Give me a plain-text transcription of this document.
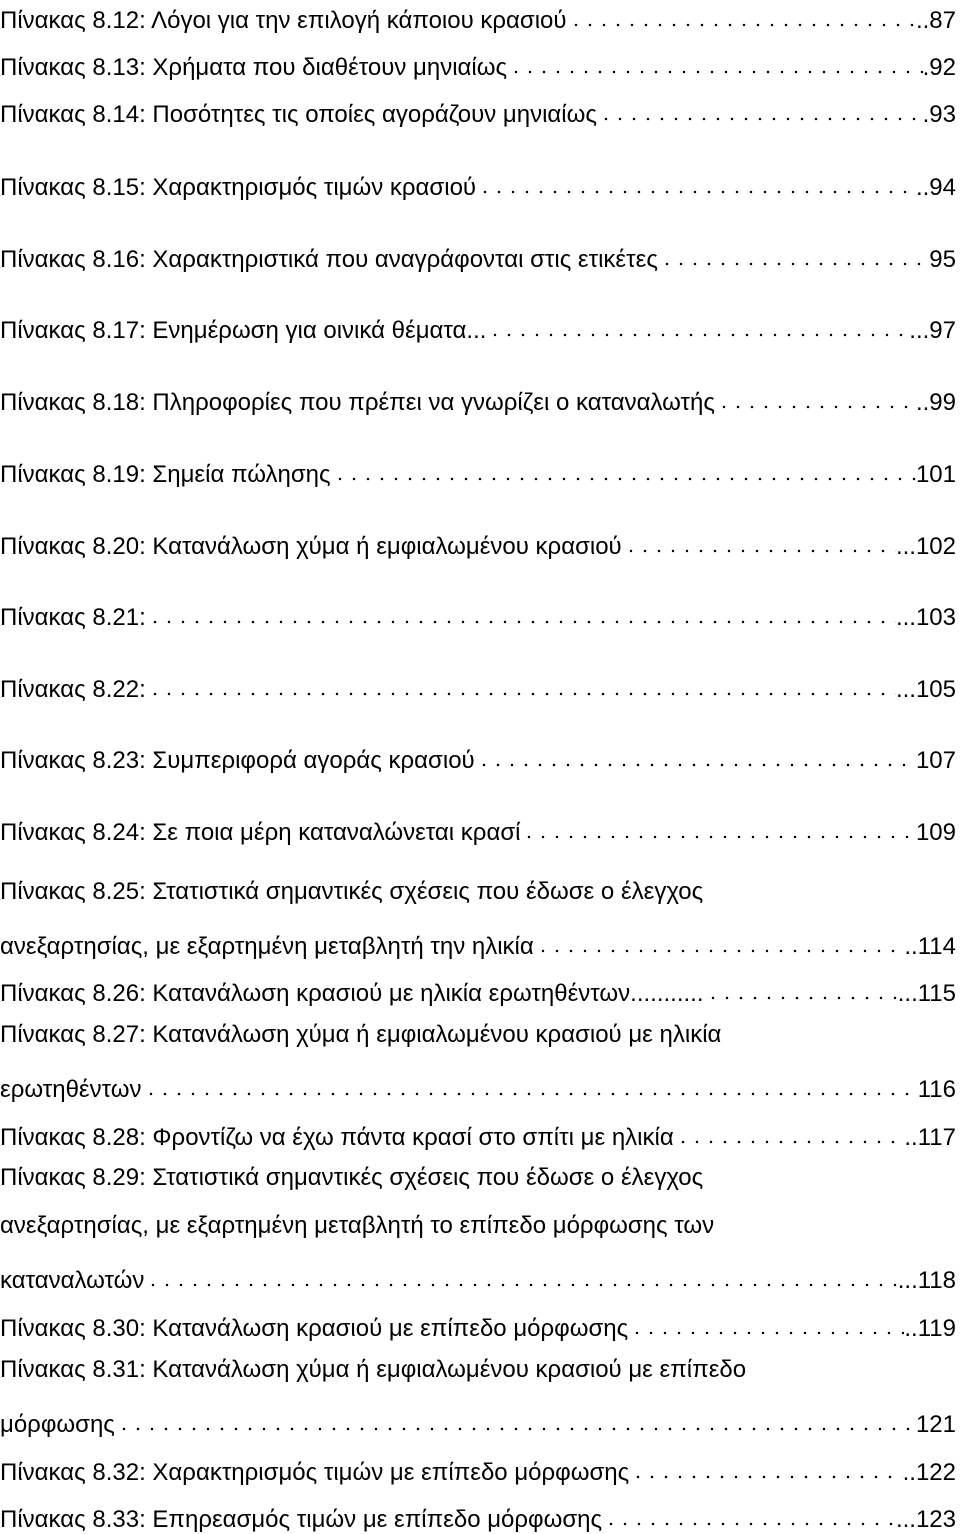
Πίνακας 8.12: Λόγοι για την επιλογή κάποιου κρασιού	..87
Πίνακας 8.13: Χρήματα που διαθέτουν μηνιαίως	.92
Πίνακας 8.14: Ποσότητες τις οποίες αγοράζουν μηνιαίως	.93
Πίνακας 8.15: Χαρακτηρισμός τιμών κρασιού	..94
Πίνακας 8.16: Χαρακτηριστικά που αναγράφονται στις ετικέτες	95
Πίνακας 8.17: Ενημέρωση για οινικά θέματα...	...97
Πίνακας 8.18: Πληροφορίες που πρέπει να γνωρίζει ο καταναλωτής	..99
Πίνακας 8.19: Σημεία πώλησης	101
Πίνακας 8.20: Κατανάλωση χύμα ή εμφιαλωμένου κρασιού	...102
Πίνακας 8.21:	...103
Πίνακας 8.22:	...105
Πίνακας 8.23: Συμπεριφορά αγοράς κρασιού	107
Πίνακας 8.24: Σε ποια μέρη καταναλώνεται κρασί	109
Πίνακας 8.25: Στατιστικά σημαντικές σχέσεις που έδωσε ο έλεγχος
ανεξαρτησίας, με εξαρτημένη μεταβλητή την ηλικία	..114
Πίνακας 8.26: Κατανάλωση κρασιού με ηλικία ερωτηθέντων...........	...115
Πίνακας 8.27: Κατανάλωση χύμα ή εμφιαλωμένου κρασιού με ηλικία
ερωτηθέντων	116
Πίνακας 8.28: Φροντίζω να έχω πάντα κρασί στο σπίτι με ηλικία	..117
Πίνακας 8.29: Στατιστικά σημαντικές σχέσεις που έδωσε ο έλεγχος
ανεξαρτησίας, με εξαρτημένη μεταβλητή το επίπεδο μόρφωσης των
καταναλωτών	...118
Πίνακας 8.30: Κατανάλωση κρασιού με επίπεδο μόρφωσης	..119
Πίνακας 8.31: Κατανάλωση χύμα ή εμφιαλωμένου κρασιού με επίπεδο
μόρφωσης	121
Πίνακας 8.32: Χαρακτηρισμός τιμών με επίπεδο μόρφωσης	..122
Πίνακας 8.33: Επηρεασμός τιμών με επίπεδο μόρφωσης	...123
